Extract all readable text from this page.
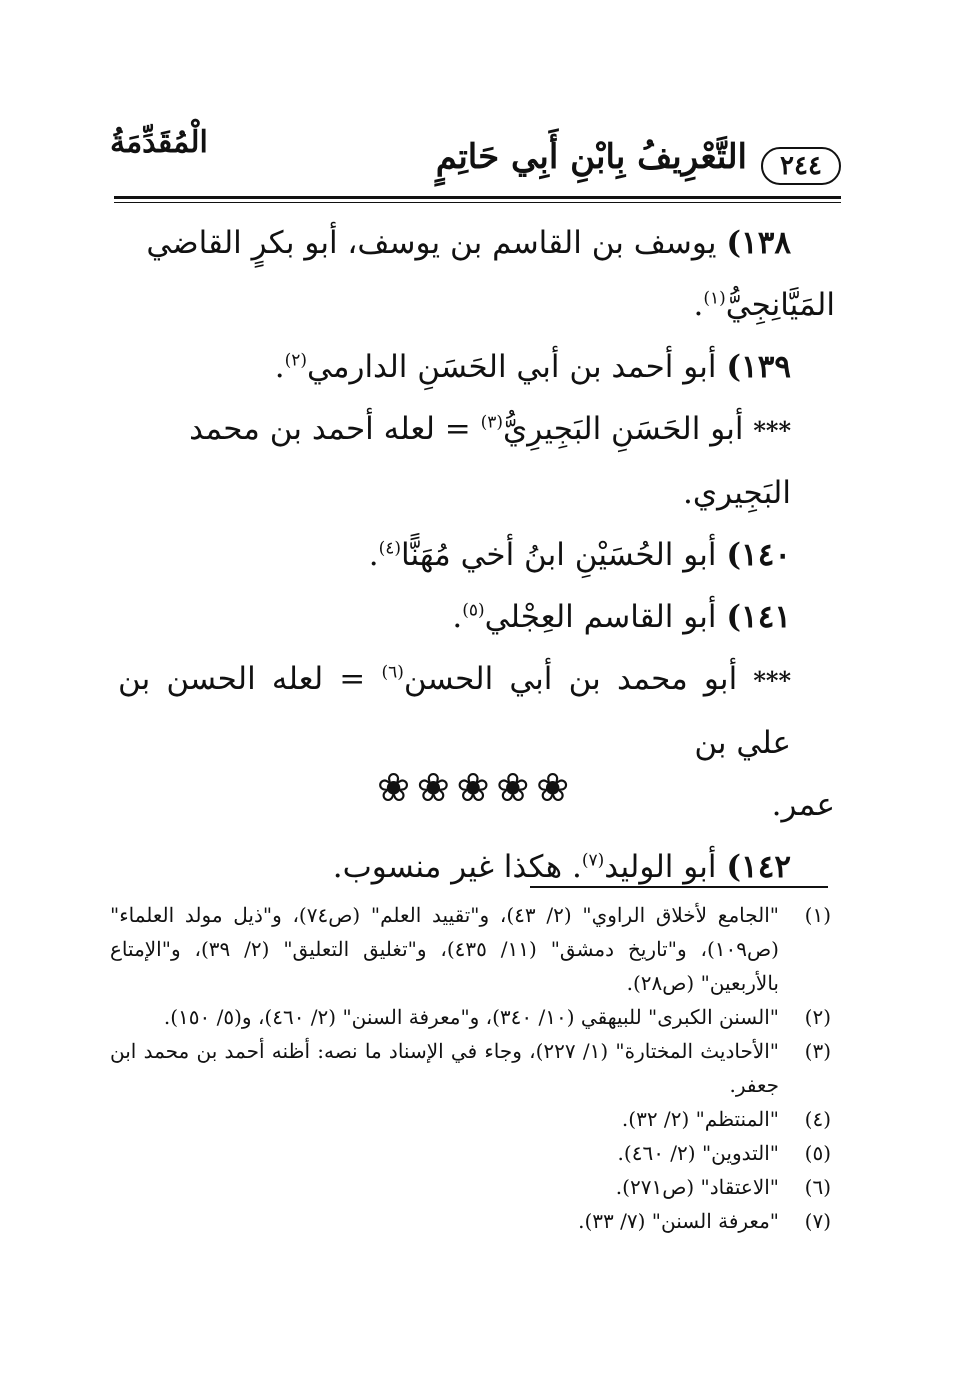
٢٤٤
التَّعْرِيفُ بِابْنِ أَبِي حَاتِمٍ
الْمُقَدِّمَةُ

١٣٨) يوسف بن القاسم بن يوسف، أبو بكرٍ القاضي

المَيَّانِجِيُّ$^{(١)}$.

١٣٩) أبو أحمد بن أبي الحَسَنِ الدارمي$^{(٢)}$.

*** أبو الحَسَنِ البَجِيرِيُّ$^{(٣)}$ = لعله أحمد بن محمد البَجِيري.

١٤٠) أبو الحُسَيْنِ ابنُ أخي مُهَنًّا$^{(٤)}$.

١٤١) أبو القاسم العِجْلي$^{(٥)}$.

*** أبو محمد بن أبي الحسن$^{(٦)}$ = لعله الحسن بن علي بن

عمر.

١٤٢) أبو الوليد$^{(٧)}$. هكذا غير منسوب.

❀❀❀❀❀
(١)
"الجامع لأخلاق الراوي" (٢/ ٤٣)، و"تقييد العلم" (ص٧٤)، و"ذيل مولد العلماء" (ص١٠٩)، و"تاريخ دمشق" (١١/ ٤٣٥)، و"تغليق التعليق" (٢/ ٣٩)، و"الإمتاع بالأربعين" (ص٢٨).
(٢)
"السنن الكبرى" للبيهقي (١٠/ ٣٤٠)، و"معرفة السنن" (٢/ ٤٦٠)، و(٥/ ١٥٠).
(٣)
"الأحاديث المختارة" (١/ ٢٢٧)، وجاء في الإسناد ما نصه: أظنه أحمد بن محمد ابن جعفر.
(٤)
"المنتظم" (٢/ ٣٢).
(٥)
"التدوين" (٢/ ٤٦٠).
(٦)
"الاعتقاد" (ص٢٧١).
(٧)
"معرفة السنن" (٧/ ٣٣).
